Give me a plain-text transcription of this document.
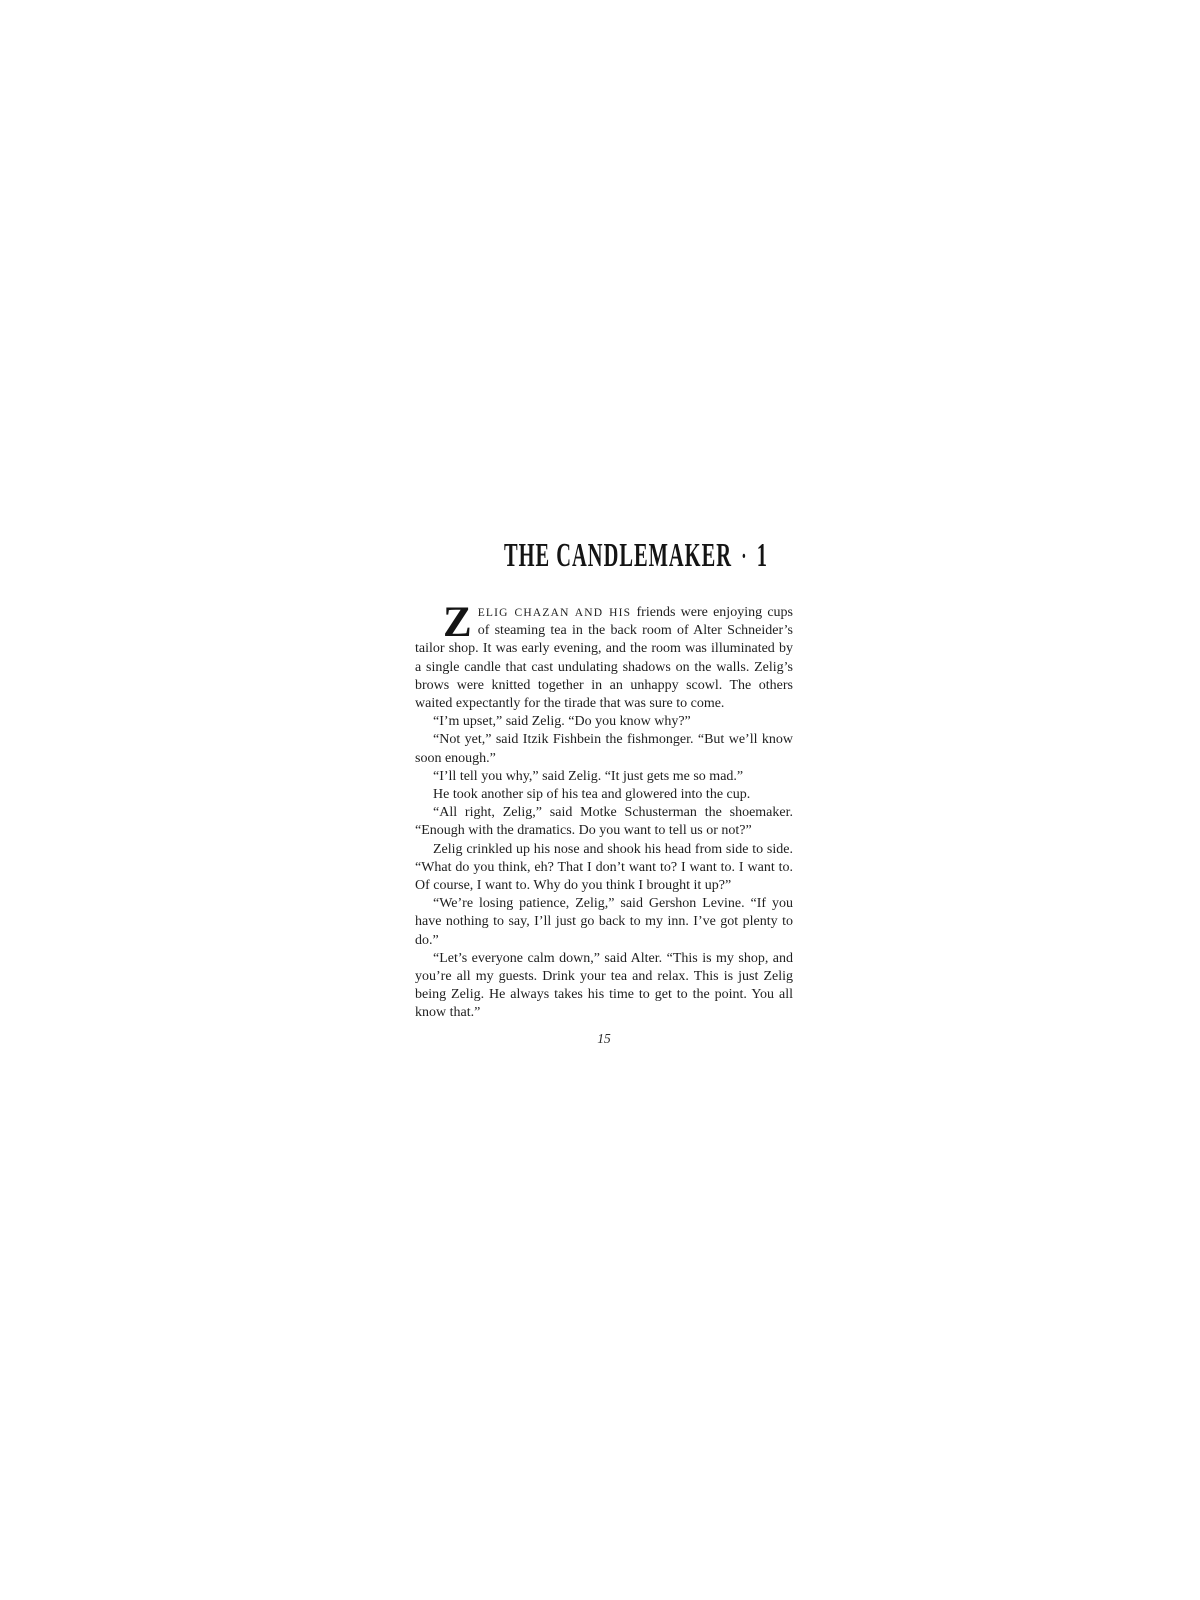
THE CANDLEMAKER · 1

ZELIG CHAZAN AND HIS friends were enjoying cups of steaming tea in the back room of Alter Schneider’s tailor shop. It was early evening, and the room was illuminated by a single candle that cast undulating shadows on the walls. Zelig’s brows were knitted together in an unhappy scowl. The others waited expectantly for the tirade that was sure to come.

“I’m upset,” said Zelig. “Do you know why?”

“Not yet,” said Itzik Fishbein the fishmonger. “But we’ll know soon enough.”

“I’ll tell you why,” said Zelig. “It just gets me so mad.”

He took another sip of his tea and glowered into the cup.

“All right, Zelig,” said Motke Schusterman the shoemaker. “Enough with the dramatics. Do you want to tell us or not?”

Zelig crinkled up his nose and shook his head from side to side. “What do you think, eh? That I don’t want to? I want to. I want to. Of course, I want to. Why do you think I brought it up?”

“We’re losing patience, Zelig,” said Gershon Levine. “If you have nothing to say, I’ll just go back to my inn. I’ve got plenty to do.”

“Let’s everyone calm down,” said Alter. “This is my shop, and you’re all my guests. Drink your tea and relax. This is just Zelig being Zelig. He always takes his time to get to the point. You all know that.”

15
